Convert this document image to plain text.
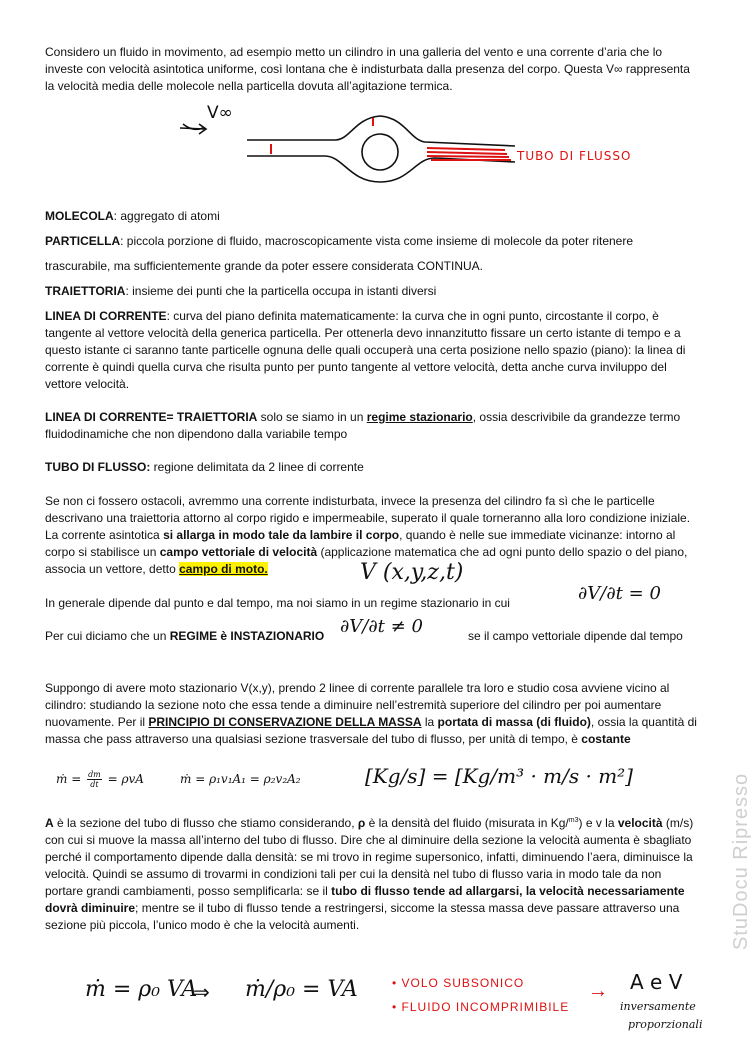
Considero un fluido in movimento, ad esempio metto un cilindro in una galleria del vento e una corrente d’aria che lo investe con velocità asintotica uniforme, così lontana che è indisturbata dalla presenza del corpo. Questa V∞ rappresenta la velocità media delle molecole nella particella dovuta all’agitazione termica.
V∞
TUBO DI FLUSSO
MOLECOLA: aggregato di atomi
PARTICELLA: piccola porzione di fluido, macroscopicamente vista come insieme di molecole da poter ritenere
trascurabile, ma sufficientemente grande da poter essere considerata CONTINUA.
TRAIETTORIA: insieme dei punti che la particella occupa in istanti diversi
LINEA DI CORRENTE: curva del piano definita matematicamente: la curva che in ogni punto, circostante il corpo, è tangente al vettore velocità della generica particella. Per ottenerla devo innanzitutto fissare un certo istante di tempo e a questo istante ci saranno tante particelle ognuna delle quali occuperà una certa posizione nello spazio (piano): la linea di corrente è quindi quella curva che risulta punto per punto tangente al vettore velocità, detta anche curva inviluppo del vettore velocità.
LINEA DI CORRENTE= TRAIETTORIA solo se siamo in un regime stazionario, ossia descrivibile da grandezze termo fluidodinamiche che non dipendono dalla variabile tempo
TUBO DI FLUSSO: regione delimitata da 2 linee di corrente
Se non ci fossero ostacoli, avremmo una corrente indisturbata, invece la presenza del cilindro fa sì che le particelle descrivano una traiettoria attorno al corpo rigido e impermeabile, superato il quale torneranno alla loro condizione iniziale. La corrente asintotica si allarga in modo tale da lambire il corpo, quando è nelle sue immediate vicinanze: intorno al corpo si stabilisce un campo vettoriale di velocità (applicazione matematica che ad ogni punto dello spazio o del piano, associa un vettore, detto campo di moto.	V (x,y,z,t)
In generale dipende dal punto e dal tempo, ma noi siamo in un regime stazionario in cui	∂V/∂t = 0
Per cui diciamo che un REGIME è INSTAZIONARIO ∂V/∂t ≠ 0	se il campo vettoriale dipende dal tempo
Suppongo di avere moto stazionario V(x,y), prendo 2 linee di corrente parallele tra loro e studio cosa avviene vicino al cilindro: studiando la sezione noto che essa tende a diminuire nell’estremità superiore del cilindro per poi aumentare nuovamente. Per il PRINCIPIO DI CONSERVAZIONE DELLA MASSA la portata di massa (di fluido), ossia la quantità di massa che pass attraverso una qualsiasi sezione trasversale del tubo di flusso, per unità di tempo, è costante
ṁ = $\frac{dm}{dt} = \rho vA$	ṁ = ρ₁v₁A₁ = ρ₂v₂A₂	[Kg/s] = [Kg/m³ · m/s · m²]
A è la sezione del tubo di flusso che stiamo considerando, ρ è la densità del fluido (misurata in Kg/$^{m3}$) e v la velocità (m/s) con cui si muove la massa all’interno del tubo di flusso. Dire che al diminuire della sezione la velocità aumenta è sbagliato perché il comportamento dipende dalla densità: se mi trovo in regime supersonico, infatti, diminuendo l’aera, diminuisce la velocità. Quindi se assumo di trovarmi in condizioni tali per cui la densità nel tubo di flusso varia in modo tale da non portare grandi cambiamenti, posso semplificarla: se il tubo di flusso tende ad allargarsi, la velocità necessariamente dovrà diminuire; mentre se il tubo di flusso tende a restringersi, siccome la stessa massa deve passare attraverso una sezione più piccola, l’unico modo è che la velocità aumenti.
ṁ = ρ₀ VA
⇒ ṁ/ρ₀ = VA	• VOLO SUBSONICO
• FLUIDO INCOMPRIMIBILE
→ A e V
inversamente
proporzionali
StuDocu Ripresso
